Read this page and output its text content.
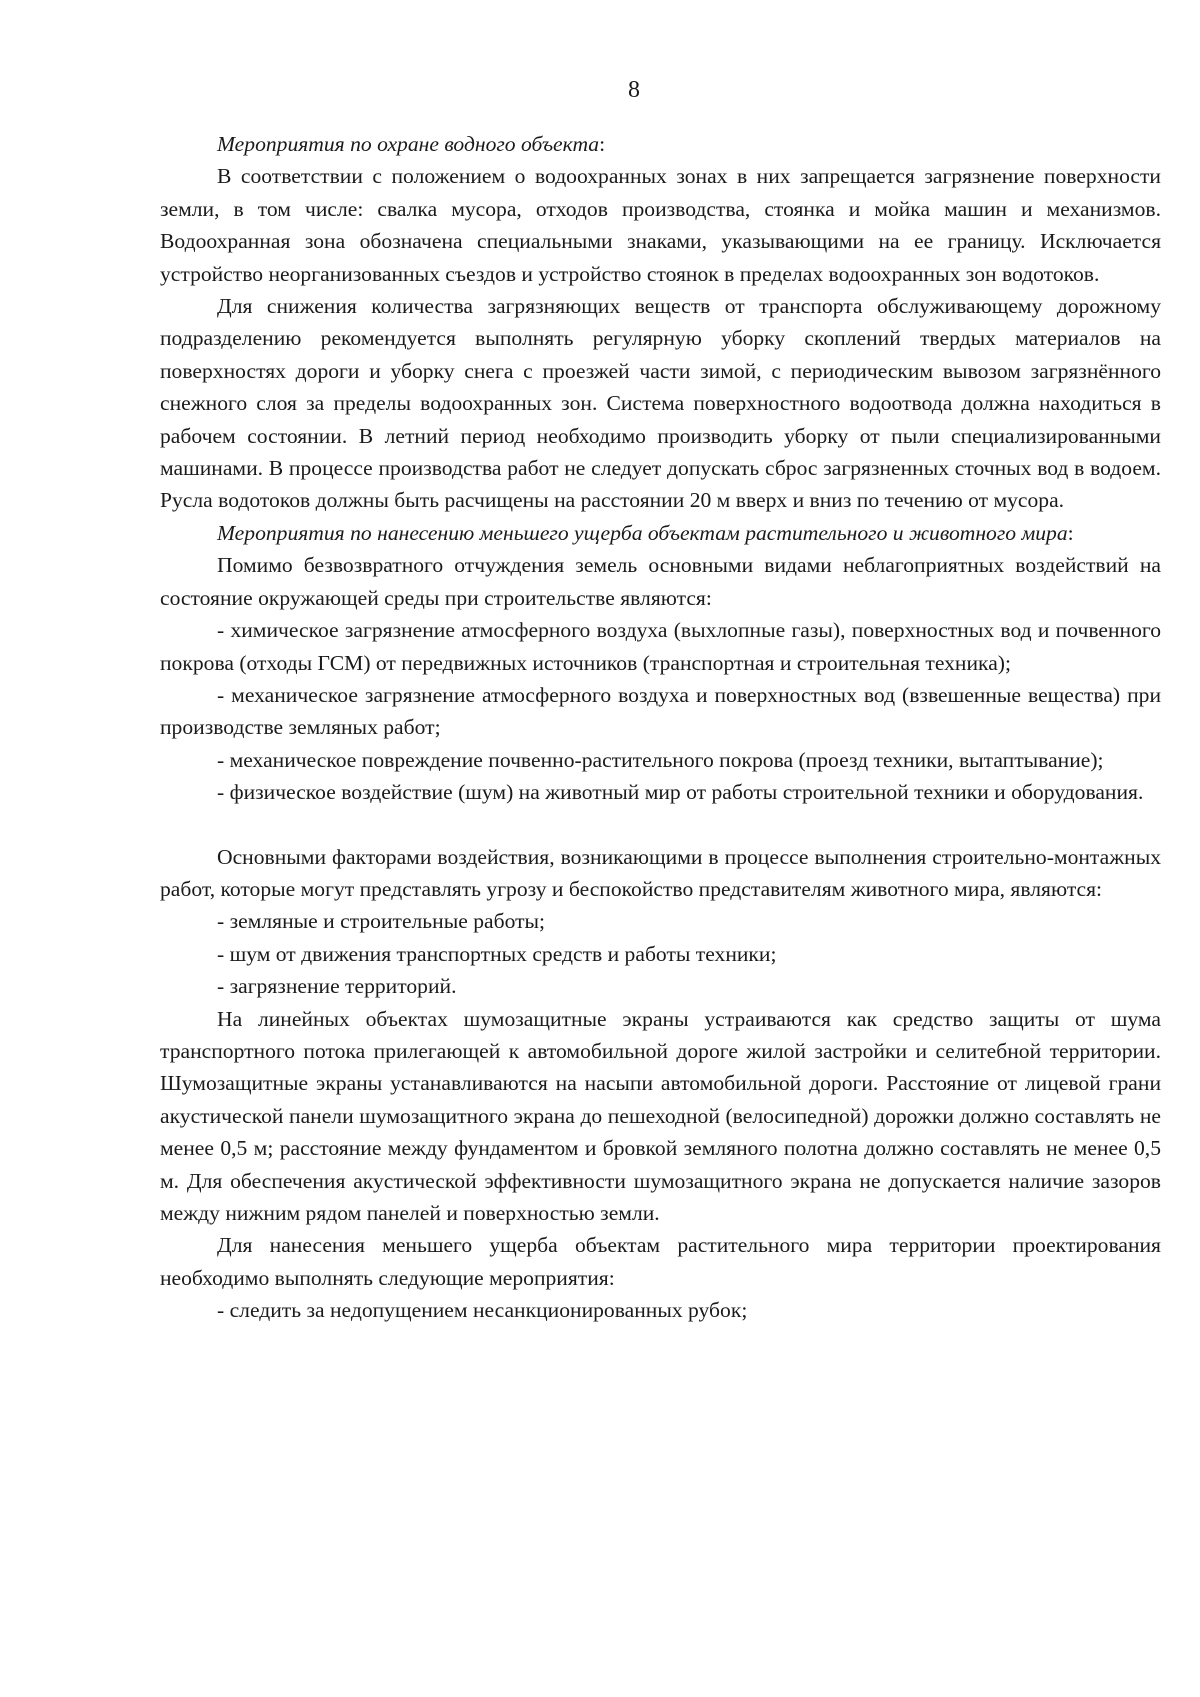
8

Мероприятия по охране водного объекта:

В соответствии с положением о водоохранных зонах в них запрещается загрязнение поверхности земли, в том числе: свалка мусора, отходов производства, стоянка и мойка машин и механизмов. Водоохранная зона обозначена специальными знаками, указывающими на ее границу. Исключается устройство неорганизованных съездов и устройство стоянок в пределах водоохранных зон водотоков.

Для снижения количества загрязняющих веществ от транспорта обслуживающему дорожному подразделению рекомендуется выполнять регулярную уборку скоплений твердых материалов на поверхностях дороги и уборку снега с проезжей части зимой, с периодическим вывозом загрязнённого снежного слоя за пределы водоохранных зон. Система поверхностного водоотвода должна находиться в рабочем состоянии. В летний период необходимо производить уборку от пыли специализированными машинами. В процессе производства работ не следует допускать сброс загрязненных сточных вод в водоем. Русла водотоков должны быть расчищены на расстоянии 20 м вверх и вниз по течению от мусора.

Мероприятия по нанесению меньшего ущерба объектам растительного и животного мира:

Помимо безвозвратного отчуждения земель основными видами неблагоприятных воздействий на состояние окружающей среды при строительстве являются:

- химическое загрязнение атмосферного воздуха (выхлопные газы), поверхностных вод и почвенного покрова (отходы ГСМ) от передвижных источников (транспортная и строительная техника);

- механическое загрязнение атмосферного воздуха и поверхностных вод (взвешенные вещества) при производстве земляных работ;

- механическое повреждение почвенно-растительного покрова (проезд техники, вытаптывание);

- физическое воздействие (шум) на животный мир от работы строительной техники и оборудования.

Основными факторами воздействия, возникающими в процессе выполнения строительно-монтажных работ, которые могут представлять угрозу и беспокойство представителям животного мира, являются:

- земляные и строительные работы;

- шум от движения транспортных средств и работы техники;

- загрязнение территорий.

На линейных объектах шумозащитные экраны устраиваются как средство защиты от шума транспортного потока прилегающей к автомобильной дороге жилой застройки и селитебной территории. Шумозащитные экраны устанавливаются на насыпи автомобильной дороги. Расстояние от лицевой грани акустической панели шумозащитного экрана до пешеходной (велосипедной) дорожки должно составлять не менее 0,5 м; расстояние между фундаментом и бровкой земляного полотна должно составлять не менее 0,5 м. Для обеспечения акустической эффективности шумозащитного экрана не допускается наличие зазоров между нижним рядом панелей и поверхностью земли.

Для нанесения меньшего ущерба объектам растительного мира территории проектирования необходимо выполнять следующие мероприятия:

- следить за недопущением несанкционированных рубок;
